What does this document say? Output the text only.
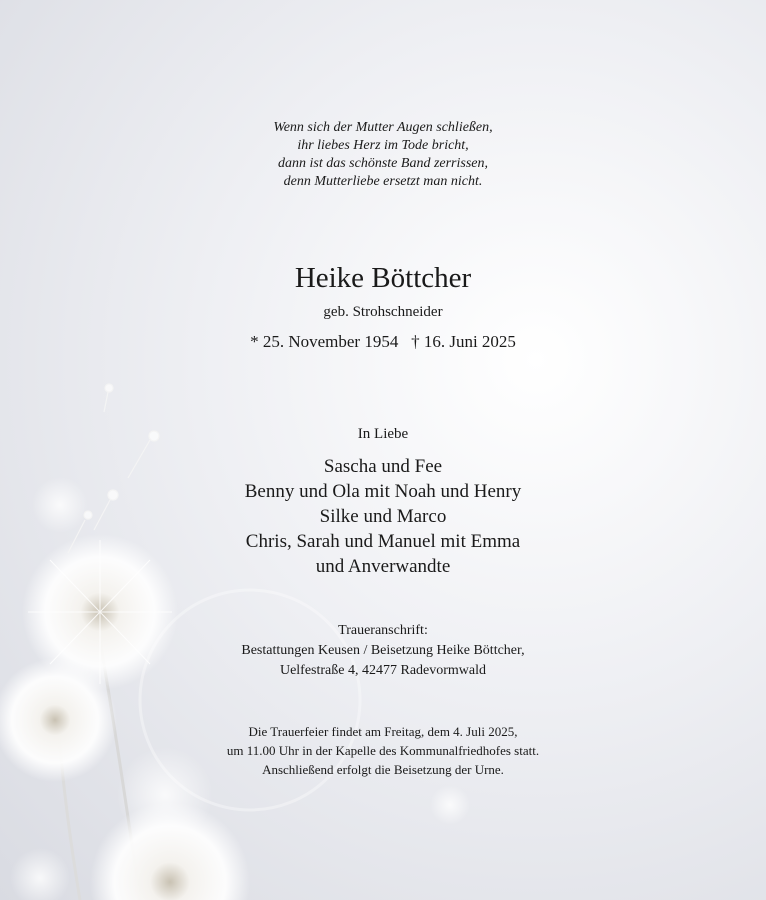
Wenn sich der Mutter Augen schließen,
ihr liebes Herz im Tode bricht,
dann ist das schönste Band zerrissen,
denn Mutterliebe ersetzt man nicht.
Heike Böttcher
geb. Strohschneider
* 25. November 1954   † 16. Juni 2025
In Liebe
Sascha und Fee
Benny und Ola mit Noah und Henry
Silke und Marco
Chris, Sarah und Manuel mit Emma
und Anverwandte
Traueranschrift:
Bestattungen Keusen / Beisetzung Heike Böttcher,
Uelfestraße 4, 42477 Radevormwald
Die Trauerfeier findet am Freitag, dem 4. Juli 2025,
um 11.00 Uhr in der Kapelle des Kommunalfriedhofes statt.
Anschließend erfolgt die Beisetzung der Urne.
